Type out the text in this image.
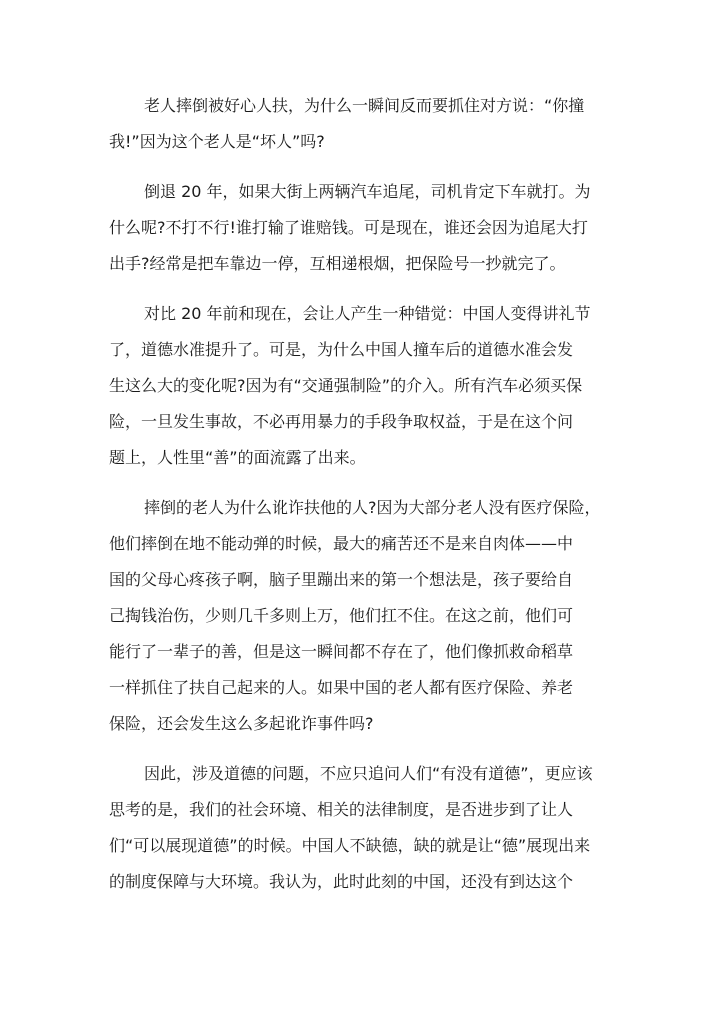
老人摔倒被好心人扶，为什么一瞬间反而要抓住对方说：“你撞
我!”因为这个老人是“坏人”吗?
倒退 20 年，如果大街上两辆汽车追尾，司机肯定下车就打。为
什么呢?不打不行!谁打输了谁赔钱。可是现在，谁还会因为追尾大打
出手?经常是把车靠边一停，互相递根烟，把保险号一抄就完了。
对比 20 年前和现在，会让人产生一种错觉：中国人变得讲礼节
了，道德水准提升了。可是，为什么中国人撞车后的道德水准会发
生这么大的变化呢?因为有“交通强制险”的介入。所有汽车必须买保
险，一旦发生事故，不必再用暴力的手段争取权益，于是在这个问
题上，人性里“善”的面流露了出来。
摔倒的老人为什么讹诈扶他的人?因为大部分老人没有医疗保险，
他们摔倒在地不能动弹的时候，最大的痛苦还不是来自肉体——中
国的父母心疼孩子啊，脑子里蹦出来的第一个想法是，孩子要给自
己掏钱治伤，少则几千多则上万，他们扛不住。在这之前，他们可
能行了一辈子的善，但是这一瞬间都不存在了，他们像抓救命稻草
一样抓住了扶自己起来的人。如果中国的老人都有医疗保险、养老
保险，还会发生这么多起讹诈事件吗?
因此，涉及道德的问题，不应只追问人们“有没有道德”，更应该
思考的是，我们的社会环境、相关的法律制度，是否进步到了让人
们“可以展现道德”的时候。中国人不缺德，缺的就是让“德”展现出来
的制度保障与大环境。我认为，此时此刻的中国，还没有到达这个
